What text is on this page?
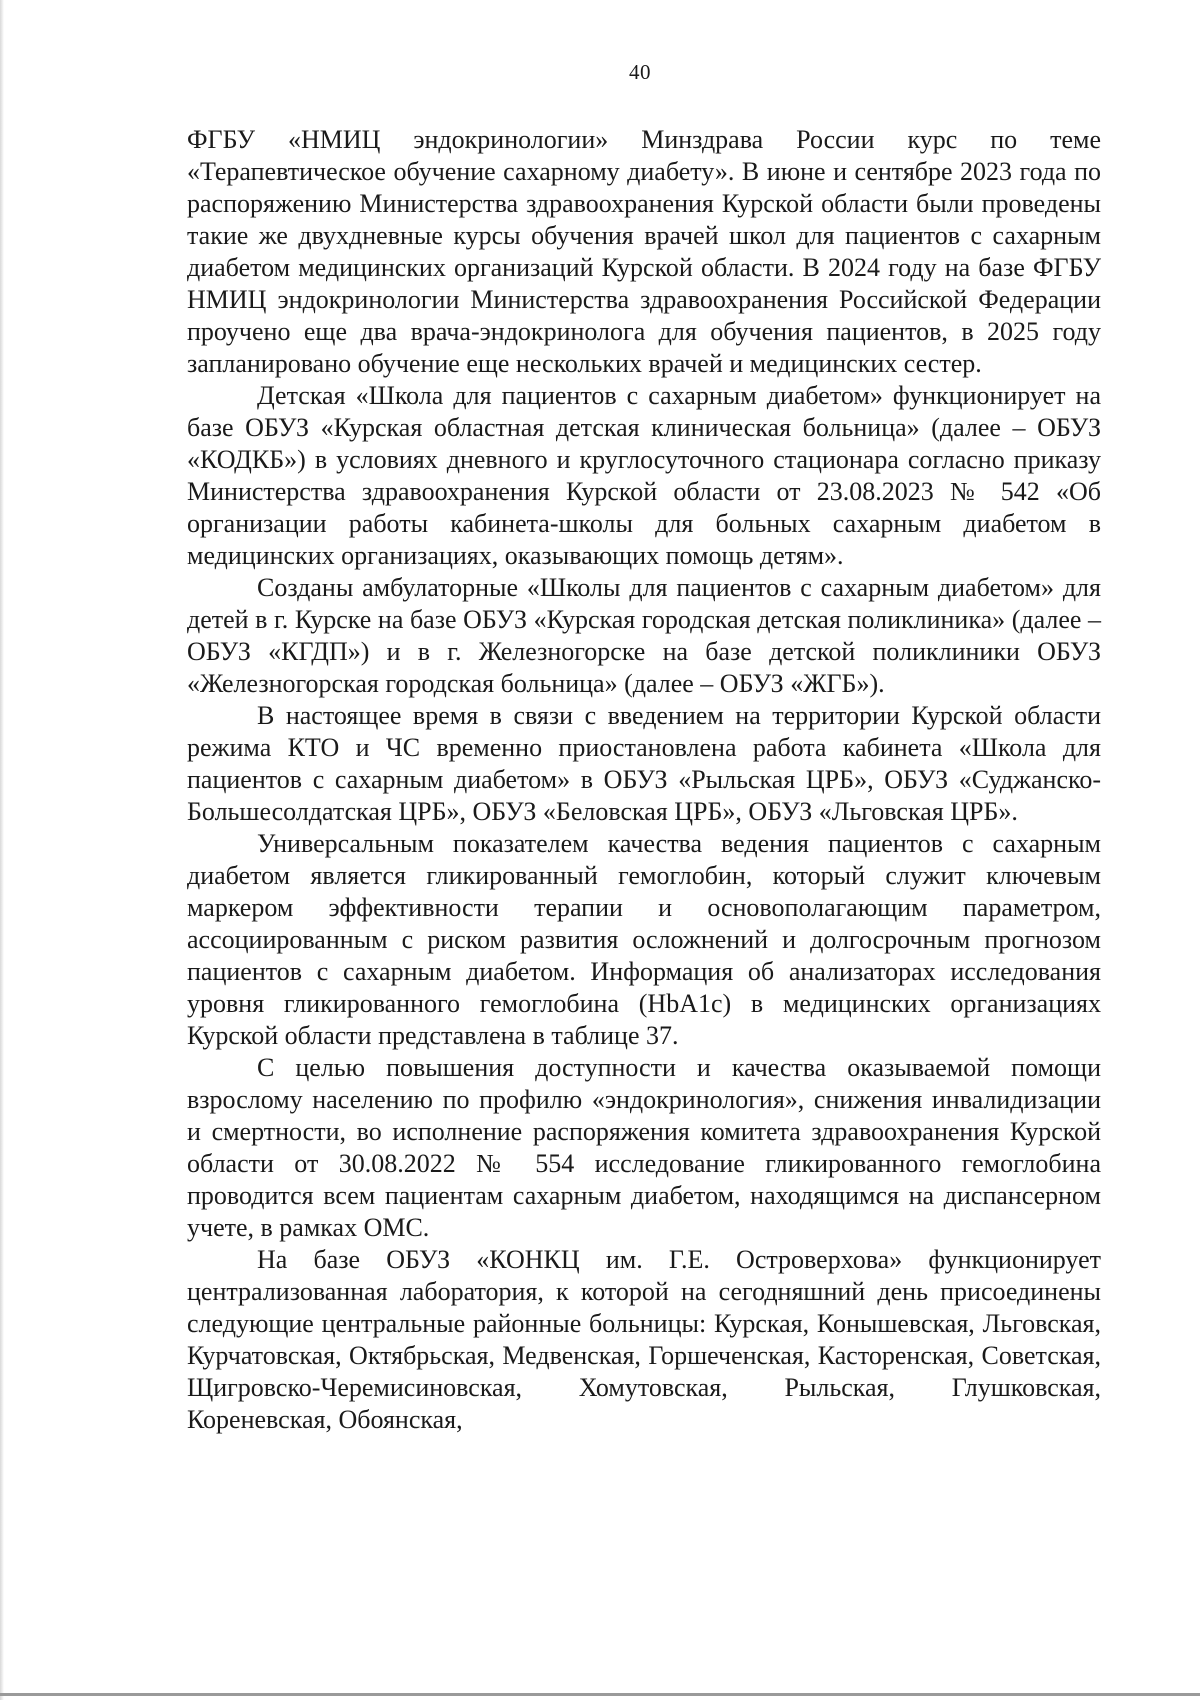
40

ФГБУ «НМИЦ эндокринологии» Минздрава России курс по теме «Терапевтическое обучение сахарному диабету». В июне и сентябре 2023 года по распоряжению Министерства здравоохранения Курской области были проведены такие же двухдневные курсы обучения врачей школ для пациентов с сахарным диабетом медицинских организаций Курской области. В 2024 году на базе ФГБУ НМИЦ эндокринологии Министерства здравоохранения Российской Федерации проучено еще два врача-эндокринолога для обучения пациентов, в 2025 году запланировано обучение еще нескольких врачей и медицинских сестер.

Детская «Школа для пациентов с сахарным диабетом» функционирует на базе ОБУЗ «Курская областная детская клиническая больница» (далее – ОБУЗ «КОДКБ») в условиях дневного и круглосуточного стационара согласно приказу Министерства здравоохранения Курской области от 23.08.2023 № 542 «Об организации работы кабинета-школы для больных сахарным диабетом в медицинских организациях, оказывающих помощь детям».

Созданы амбулаторные «Школы для пациентов с сахарным диабетом» для детей в г. Курске на базе ОБУЗ «Курская городская детская поликлиника» (далее – ОБУЗ «КГДП») и в г. Железногорске на базе детской поликлиники ОБУЗ «Железногорская городская больница» (далее – ОБУЗ «ЖГБ»).

В настоящее время в связи с введением на территории Курской области режима КТО и ЧС временно приостановлена работа кабинета «Школа для пациентов с сахарным диабетом» в ОБУЗ «Рыльская ЦРБ», ОБУЗ «Суджанско-Большесолдатская ЦРБ», ОБУЗ «Беловская ЦРБ», ОБУЗ «Льговская ЦРБ».

Универсальным показателем качества ведения пациентов с сахарным диабетом является гликированный гемоглобин, который служит ключевым маркером эффективности терапии и основополагающим параметром, ассоциированным с риском развития осложнений и долгосрочным прогнозом пациентов с сахарным диабетом. Информация об анализаторах исследования уровня гликированного гемоглобина (HbA1c) в медицинских организациях Курской области представлена в таблице 37.

С целью повышения доступности и качества оказываемой помощи взрослому населению по профилю «эндокринология», снижения инвалидизации и смертности, во исполнение распоряжения комитета здравоохранения Курской области от 30.08.2022 № 554 исследование гликированного гемоглобина проводится всем пациентам сахарным диабетом, находящимся на диспансерном учете, в рамках ОМС.

На базе ОБУЗ «КОНКЦ им. Г.Е. Островерхова» функционирует централизованная лаборатория, к которой на сегодняшний день присоединены следующие центральные районные больницы: Курская, Конышевская, Льговская, Курчатовская, Октябрьская, Медвенская, Горшеченская, Касторенская, Советская, Щигровско-Черемисиновская, Хомутовская, Рыльская, Глушковская, Кореневская, Обоянская,
